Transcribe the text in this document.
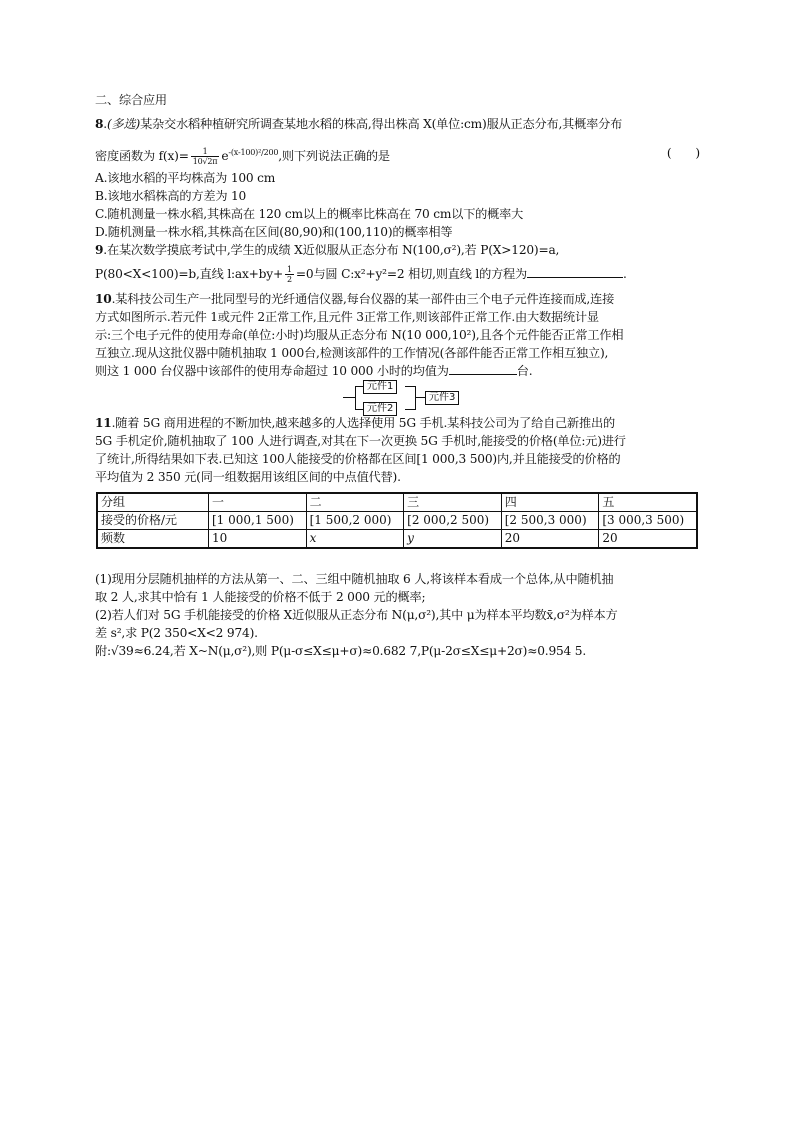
二、综合应用
8.(多选)某杂交水稻种植研究所调查某地水稻的株高,得出株高 X(单位:cm)服从正态分布,其概率分布
密度函数为 $f(x)= \frac{1}{10√2\pi} e^{-(x-100)^2/200}$,则下列说法正确的是	(　　)
A.该地水稻的平均株高为 100 cm
B.该地水稻株高的方差为 10
C.随机测量一株水稻,其株高在 120 cm以上的概率比株高在 70 cm以下的概率大
D.随机测量一株水稻,其株高在区间(80,90)和(100,110)的概率相等
9.在某次数学摸底考试中,学生的成绩 X近似服从正态分布 N(100,σ²),若 P(X>120)=a,
P(80<X<100)=b,直线 l:ax+by+ $\frac{1}{2} =0$与圆 C:x²+y²=2 相切,则直线 l的方程为	.
10.某科技公司生产一批同型号的光纤通信仪器,每台仪器的某一部件由三个电子元件连接而成,连接
方式如图所示.若元件 1或元件 2正常工作,且元件 3正常工作,则该部件正常工作.由大数据统计显
示:三个电子元件的使用寿命(单位:小时)均服从正态分布 N(10 000,10²),且各个元件能否正常工作相
互独立.现从这批仪器中随机抽取 1 000台,检测该部件的工作情况(各部件能否正常工作相互独立),
则这 1 000 台仪器中该部件的使用寿命超过 10 000 小时的均值为	台.
元件1
元件2
元件3
11.随着 5G 商用进程的不断加快,越来越多的人选择使用 5G 手机.某科技公司为了给自己新推出的
5G 手机定价,随机抽取了 100 人进行调查,对其在下一次更换 5G 手机时,能接受的价格(单位:元)进行
了统计,所得结果如下表.已知这 100人能接受的价格都在区间[1 000,3 500)内,并且能接受的价格的
平均值为 2 350 元(同一组数据用该组区间的中点值代替).
分组	一	二	三	四	五
接受的价格/元	[1 000,1 500)	[1 500,2 000)	[2 000,2 500)	[2 500,3 000)	[3 000,3 500)
频数	10	x	y	20	20
(1)现用分层随机抽样的方法从第一、二、三组中随机抽取 6 人,将该样本看成一个总体,从中随机抽
取 2 人,求其中恰有 1 人能接受的价格不低于 2 000 元的概率;
(2)若人们对 5G 手机能接受的价格 X近似服从正态分布 N(μ,σ²),其中 μ为样本平均数x̄,σ²为样本方
差 s²,求 P(2 350<X<2 974).
附:√39≈6.24,若 X~N(μ,σ²),则 P(μ-σ≤X≤μ+σ)≈0.682 7,P(μ-2σ≤X≤μ+2σ)≈0.954 5.
